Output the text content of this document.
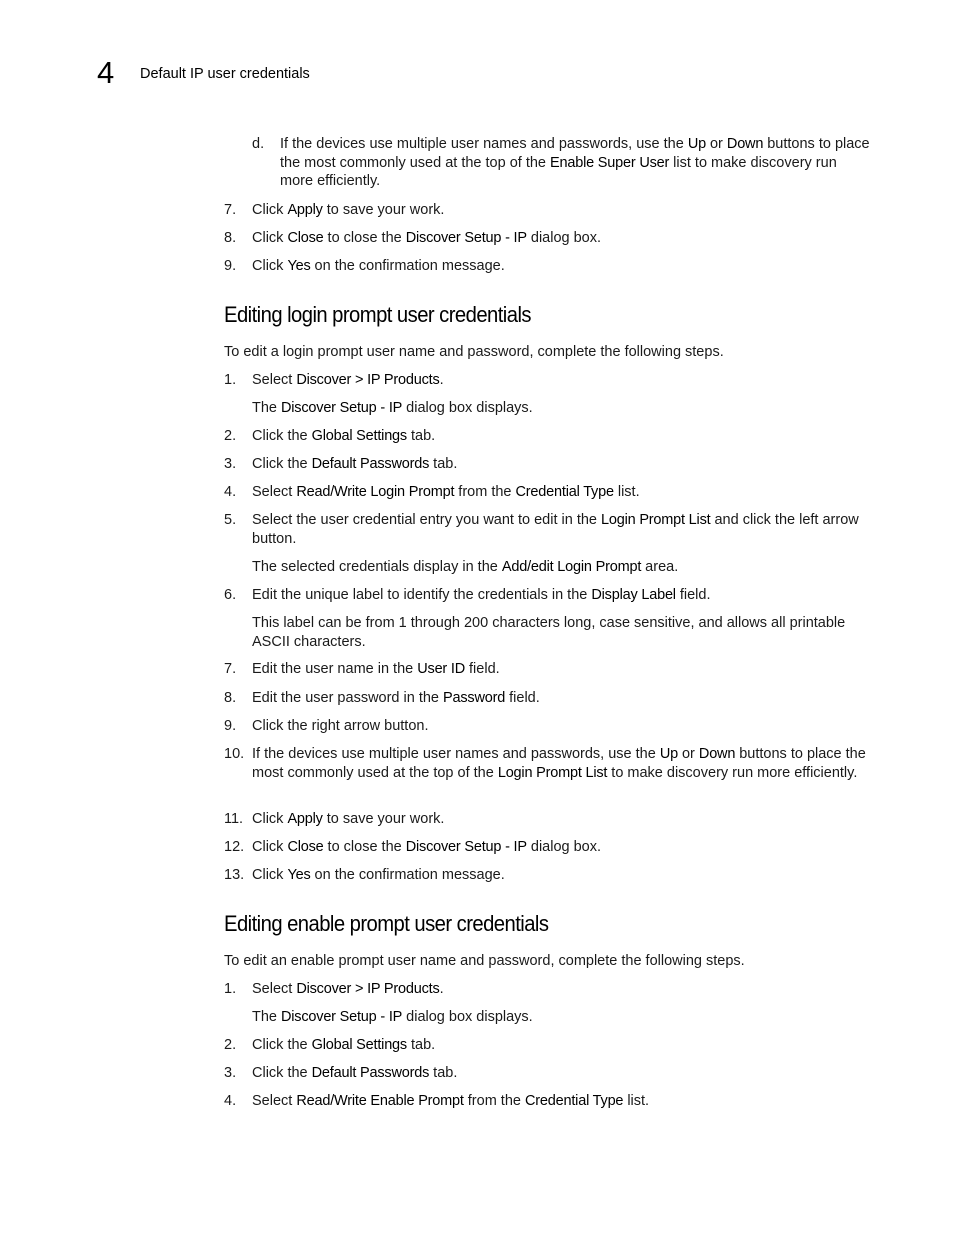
4 Default IP user credentials
d.	If the devices use multiple user names and passwords, use the Up or Down buttons to place the most commonly used at the top of the Enable Super User list to make discovery run more efficiently.
7.	Click Apply to save your work.
8.	Click Close to close the Discover Setup - IP dialog box.
9.	Click Yes on the confirmation message.
Editing login prompt user credentials
To edit a login prompt user name and password, complete the following steps.
1.	Select Discover > IP Products.
The Discover Setup - IP dialog box displays.
2.	Click the Global Settings tab.
3.	Click the Default Passwords tab.
4.	Select Read/Write Login Prompt from the Credential Type list.
5.	Select the user credential entry you want to edit in the Login Prompt List and click the left arrow button.
The selected credentials display in the Add/edit Login Prompt area.
6.	Edit the unique label to identify the credentials in the Display Label field.
This label can be from 1 through 200 characters long, case sensitive, and allows all printable ASCII characters.
7.	Edit the user name in the User ID field.
8.	Edit the user password in the Password field.
9.	Click the right arrow button.
10. If the devices use multiple user names and passwords, use the Up or Down buttons to place the most commonly used at the top of the Login Prompt List to make discovery run more efficiently.
11. Click Apply to save your work.
12. Click Close to close the Discover Setup - IP dialog box.
13. Click Yes on the confirmation message.
Editing enable prompt user credentials
To edit an enable prompt user name and password, complete the following steps.
1.	Select Discover > IP Products.
The Discover Setup - IP dialog box displays.
2.	Click the Global Settings tab.
3.	Click the Default Passwords tab.
4.	Select Read/Write Enable Prompt from the Credential Type list.
